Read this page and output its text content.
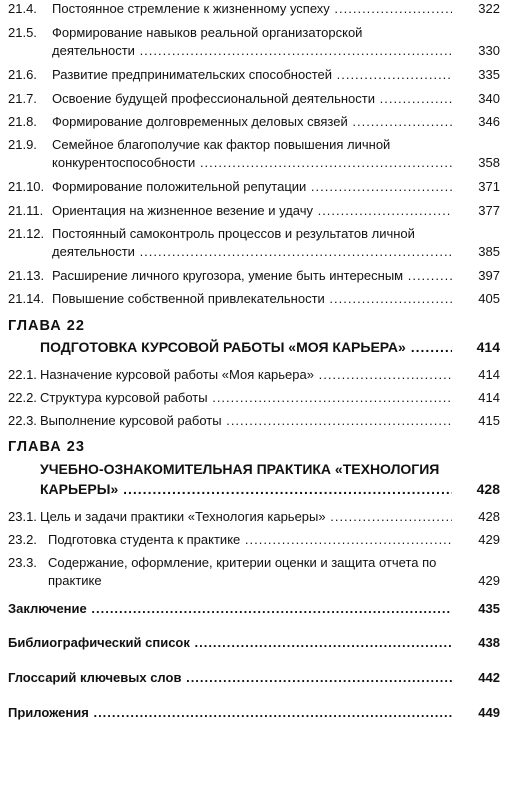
21.4. Постоянное стремление к жизненному успеху .....	322
21.5. Формирование навыков реальной организаторской
деятельности .....	330
21.6. Развитие предпринимательских способностей .....	335
21.7. Освоение будущей профессиональной деятельности .....	340
21.8. Формирование долговременных деловых связей .....	346
21.9. Семейное благополучие как фактор повышения личной
конкурентоспособности .....	358
21.10. Формирование положительной репутации .....	371
21.11. Ориентация на жизненное везение и удачу .....	377
21.12. Постоянный самоконтроль процессов и результатов личной
деятельности .....	385
21.13. Расширение личного кругозора, умение быть интересным .....	397
21.14. Повышение собственной привлекательности .....	405
ГЛАВА 22
ПОДГОТОВКА КУРСОВОЙ РАБОТЫ «МОЯ КАРЬЕРА» .....	414
22.1. Назначение курсовой работы «Моя карьера» .....	414
22.2. Структура курсовой работы .....	414
22.3. Выполнение курсовой работы .....	415
ГЛАВА 23
УЧЕБНО-ОЗНАКОМИТЕЛЬНАЯ ПРАКТИКА «ТЕХНОЛОГИЯ
КАРЬЕРЫ» .....	428
23.1. Цель и задачи практики «Технология карьеры» .....	428
23.2. Подготовка студента к практике .....	429
23.3. Содержание, оформление, критерии оценки и защита отчета по
практике	429
Заключение .....	435
Библиографический список .....	438
Глоссарий ключевых слов .....	442
Приложения .....	449
